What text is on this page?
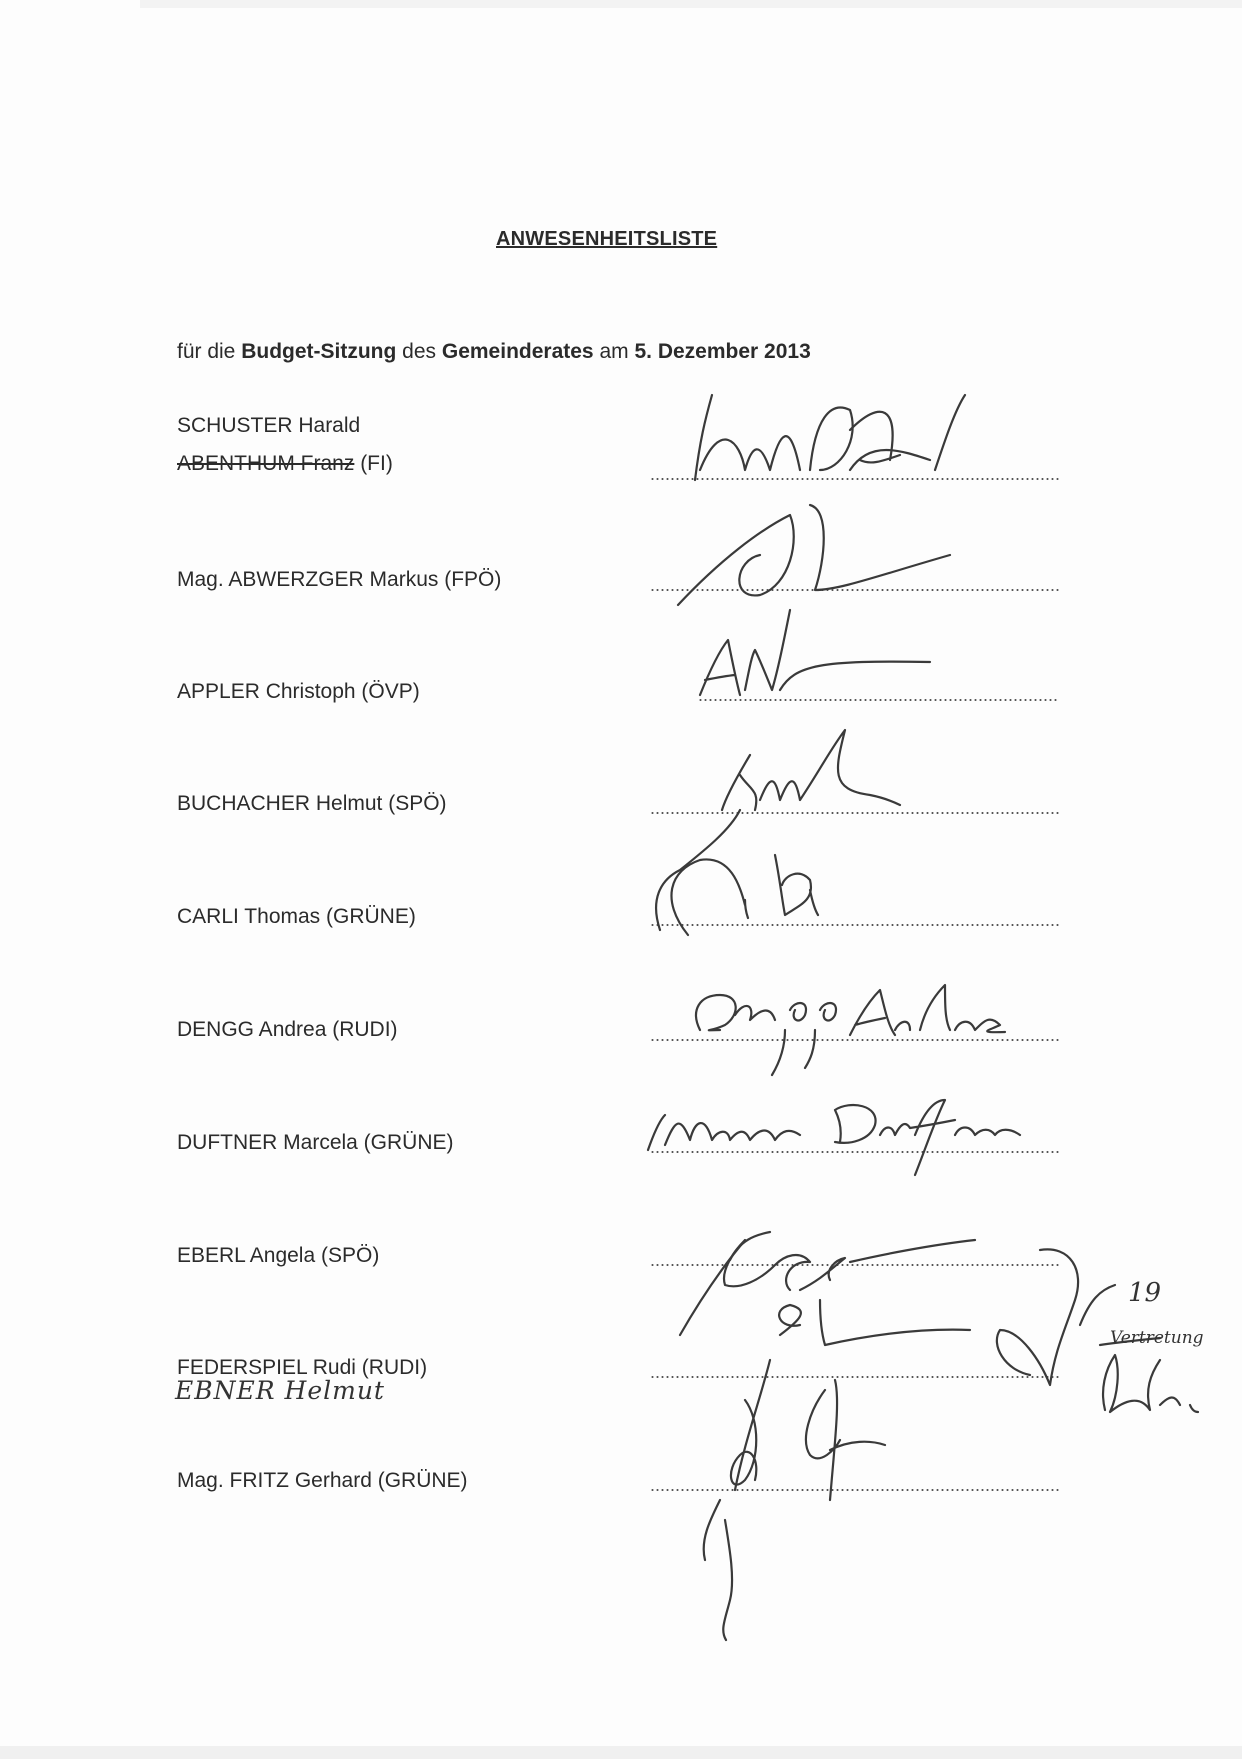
ANWESENHEITSLISTE
für die Budget-Sitzung des Gemeinderates am 5. Dezember 2013
SCHUSTER Harald
ABENTHUM Franz (FI)
Mag. ABWERZGER Markus (FPÖ)
APPLER Christoph (ÖVP)
BUCHACHER Helmut (SPÖ)
CARLI Thomas (GRÜNE)
DENGG Andrea (RUDI)
DUFTNER Marcela (GRÜNE)
EBERL Angela (SPÖ)
FEDERSPIEL Rudi (RUDI)
EBNER Helmut
Mag. FRITZ Gerhard (GRÜNE)
19
Vertretung
